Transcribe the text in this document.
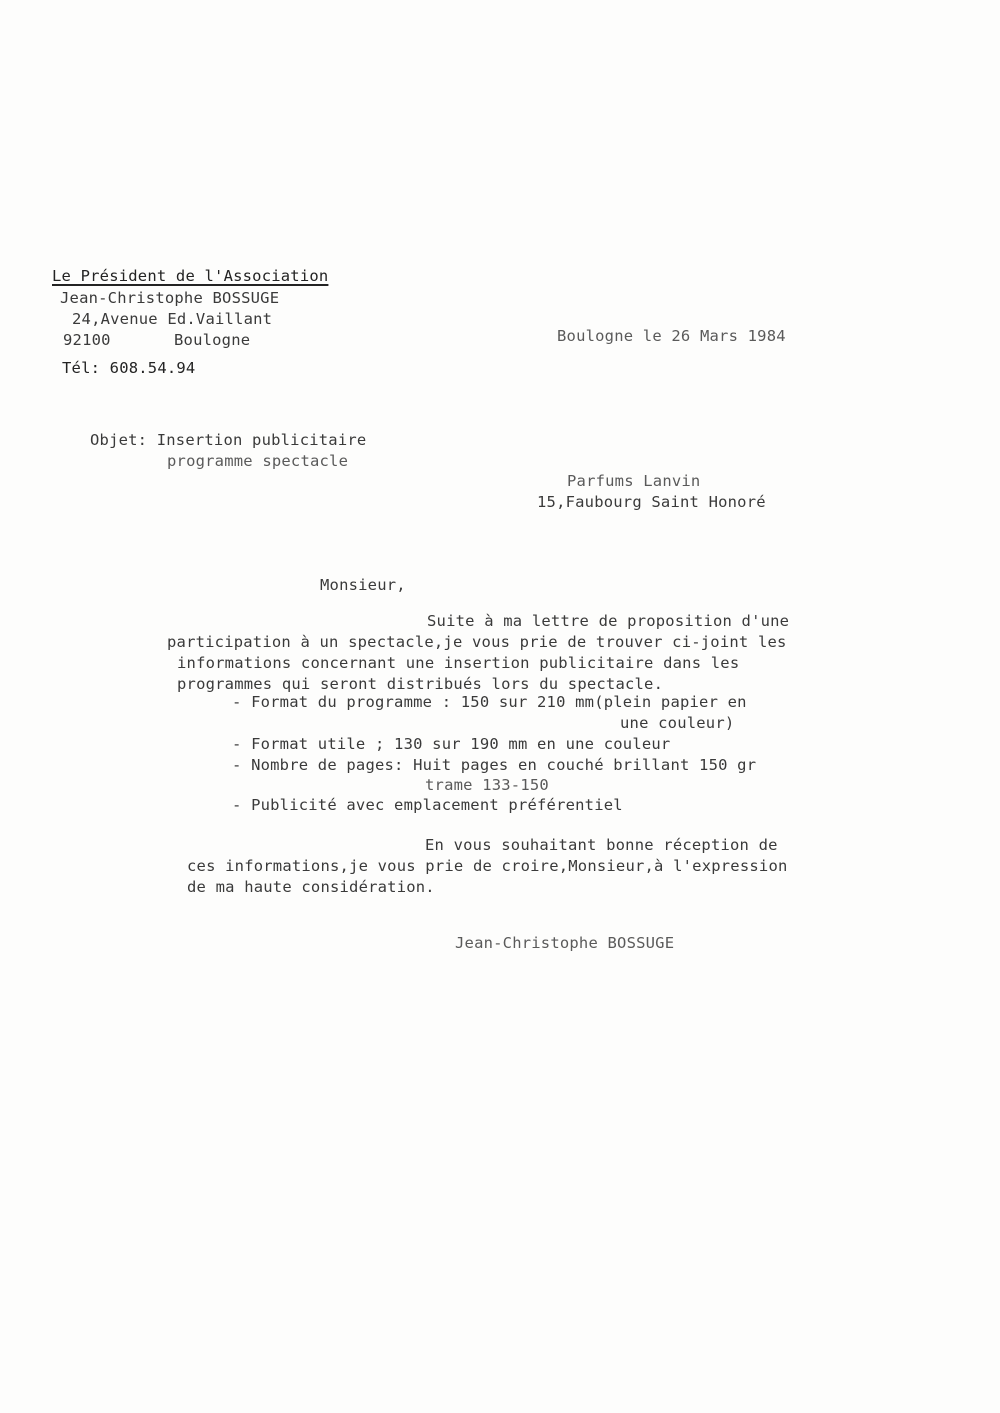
Le Président de l'Association
Jean-Christophe BOSSUGE
24,Avenue Ed.Vaillant
92100	Boulogne
Tél: 608.54.94
Boulogne le 26 Mars 1984
Objet: Insertion publicitaire
programme spectacle
Parfums Lanvin
15,Faubourg Saint Honoré
Monsieur,
Suite à ma lettre de proposition d'une
participation à un spectacle,je vous prie de trouver ci-joint les
informations concernant une insertion publicitaire dans les
programmes qui seront distribués lors du spectacle.
- Format du programme : 150 sur 210 mm(plein papier en
une couleur)
- Format utile ; 130 sur 190 mm en une couleur
- Nombre de pages: Huit pages en couché brillant 150 gr
trame 133-150
- Publicité avec emplacement préférentiel
En vous souhaitant bonne réception de
ces informations,je vous prie de croire,Monsieur,à l'expression
de ma haute considération.
Jean-Christophe BOSSUGE
